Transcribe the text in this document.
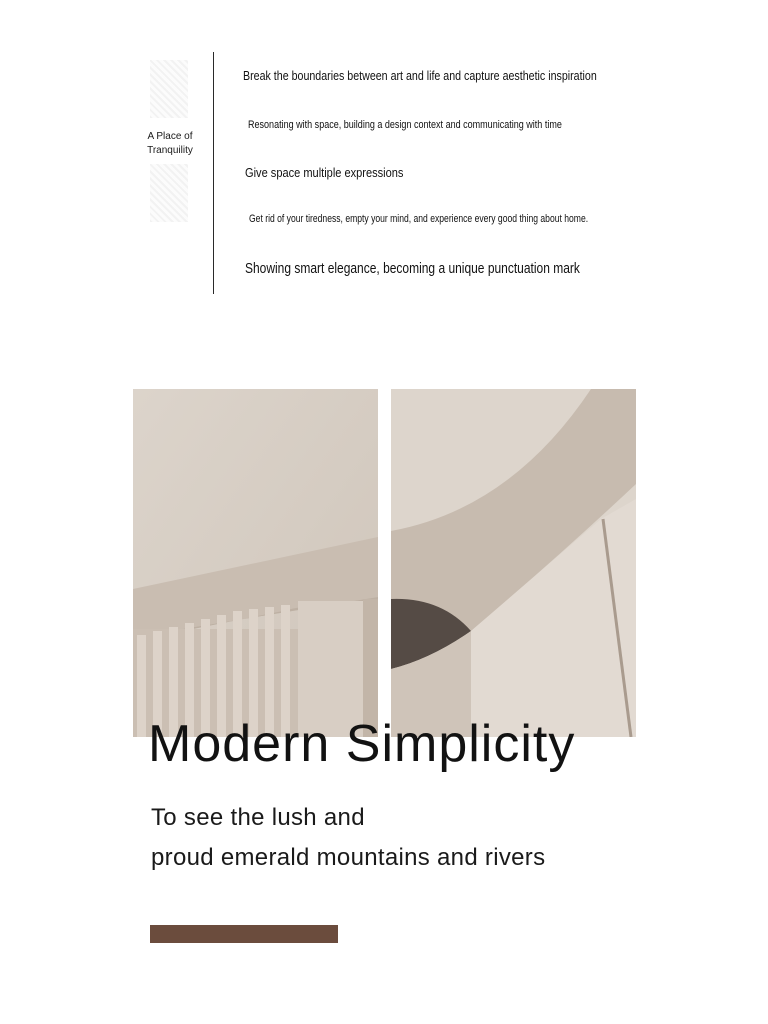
A Place of
Tranquility
Break the boundaries between art and life and capture aesthetic inspiration
Resonating with space, building a design context and communicating with time
Give space multiple expressions
Get rid of your tiredness, empty your mind, and experience every good thing about home.
Showing smart elegance, becoming a unique punctuation mark
Modern Simplicity
To see the lush and
proud emerald mountains and rivers
